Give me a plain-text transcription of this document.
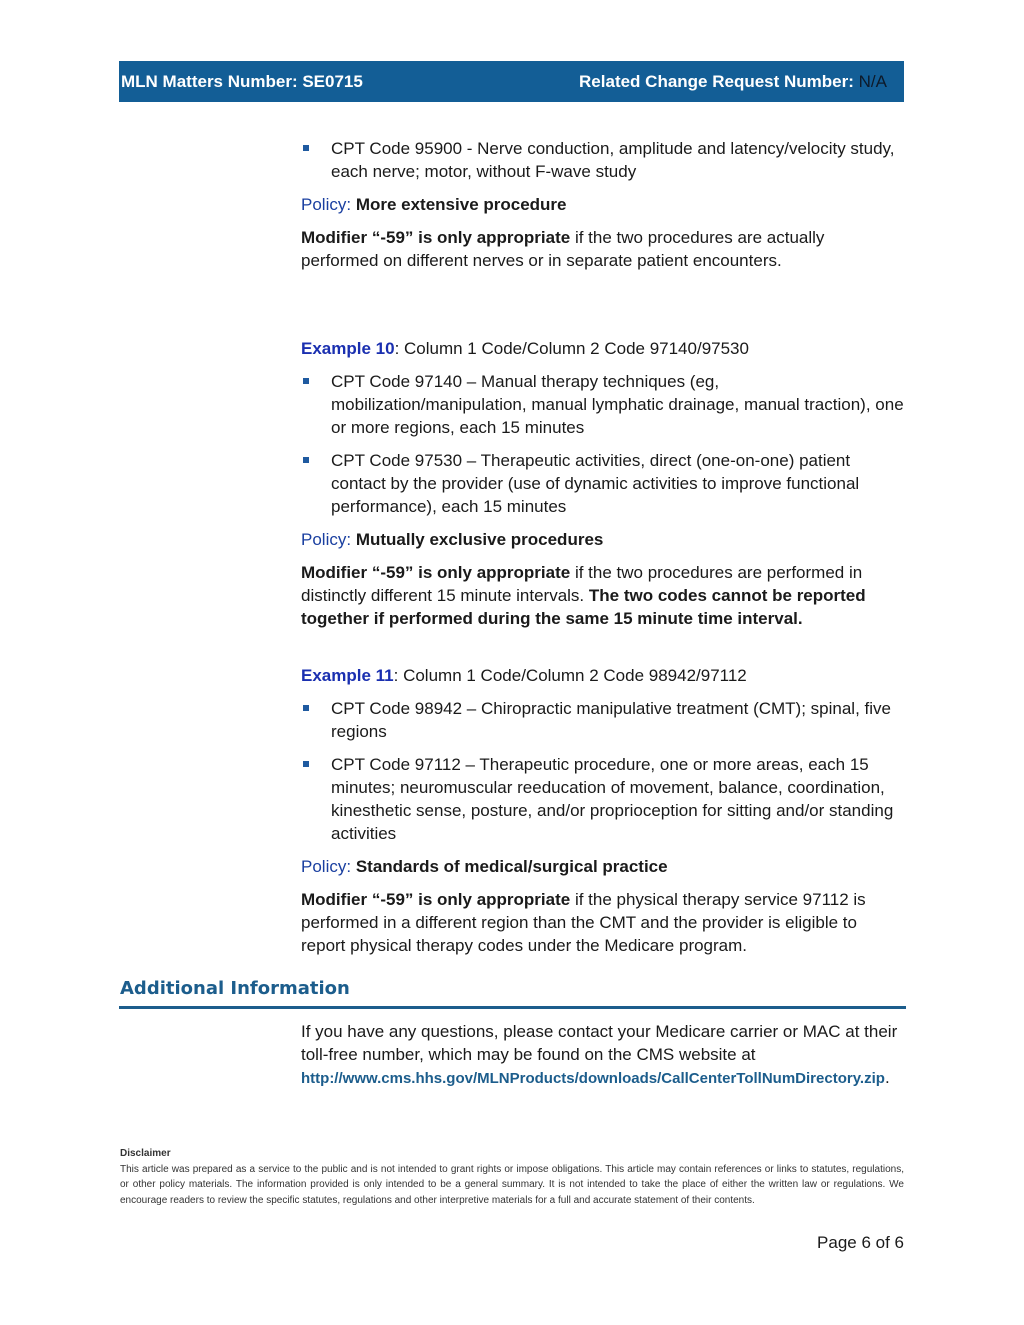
MLN Matters Number: SE0715	Related Change Request Number: N/A
CPT Code 95900 - Nerve conduction, amplitude and latency/velocity study, each nerve; motor, without F-wave study

Policy: More extensive procedure

Modifier “-59” is only appropriate if the two procedures are actually performed on different nerves or in separate patient encounters.

Example 10: Column 1 Code/Column 2 Code 97140/97530

CPT Code 97140 – Manual therapy techniques (eg, mobilization/manipulation, manual lymphatic drainage, manual traction), one or more regions, each 15 minutes
CPT Code 97530 – Therapeutic activities, direct (one-on-one) patient contact by the provider (use of dynamic activities to improve functional performance), each 15 minutes

Policy: Mutually exclusive procedures

Modifier “-59” is only appropriate if the two procedures are performed in distinctly different 15 minute intervals. The two codes cannot be reported together if performed during the same 15 minute time interval.

Example 11: Column 1 Code/Column 2 Code 98942/97112

CPT Code 98942 – Chiropractic manipulative treatment (CMT); spinal, five regions
CPT Code 97112 – Therapeutic procedure, one or more areas, each 15 minutes; neuromuscular reeducation of movement, balance, coordination, kinesthetic sense, posture, and/or proprioception for sitting and/or standing activities

Policy: Standards of medical/surgical practice

Modifier “-59” is only appropriate if the physical therapy service 97112 is performed in a different region than the CMT and the provider is eligible to report physical therapy codes under the Medicare program.

Additional Information

If you have any questions, please contact your Medicare carrier or MAC at their toll-free number, which may be found on the CMS website at http://www.cms.hhs.gov/MLNProducts/downloads/CallCenterTollNumDirectory.zip.

Disclaimer
This article was prepared as a service to the public and is not intended to grant rights or impose obligations. This article may contain references or links to statutes, regulations, or other policy materials. The information provided is only intended to be a general summary. It is not intended to take the place of either the written law or regulations. We encourage readers to review the specific statutes, regulations and other interpretive materials for a full and accurate statement of their contents.
Page 6 of 6
